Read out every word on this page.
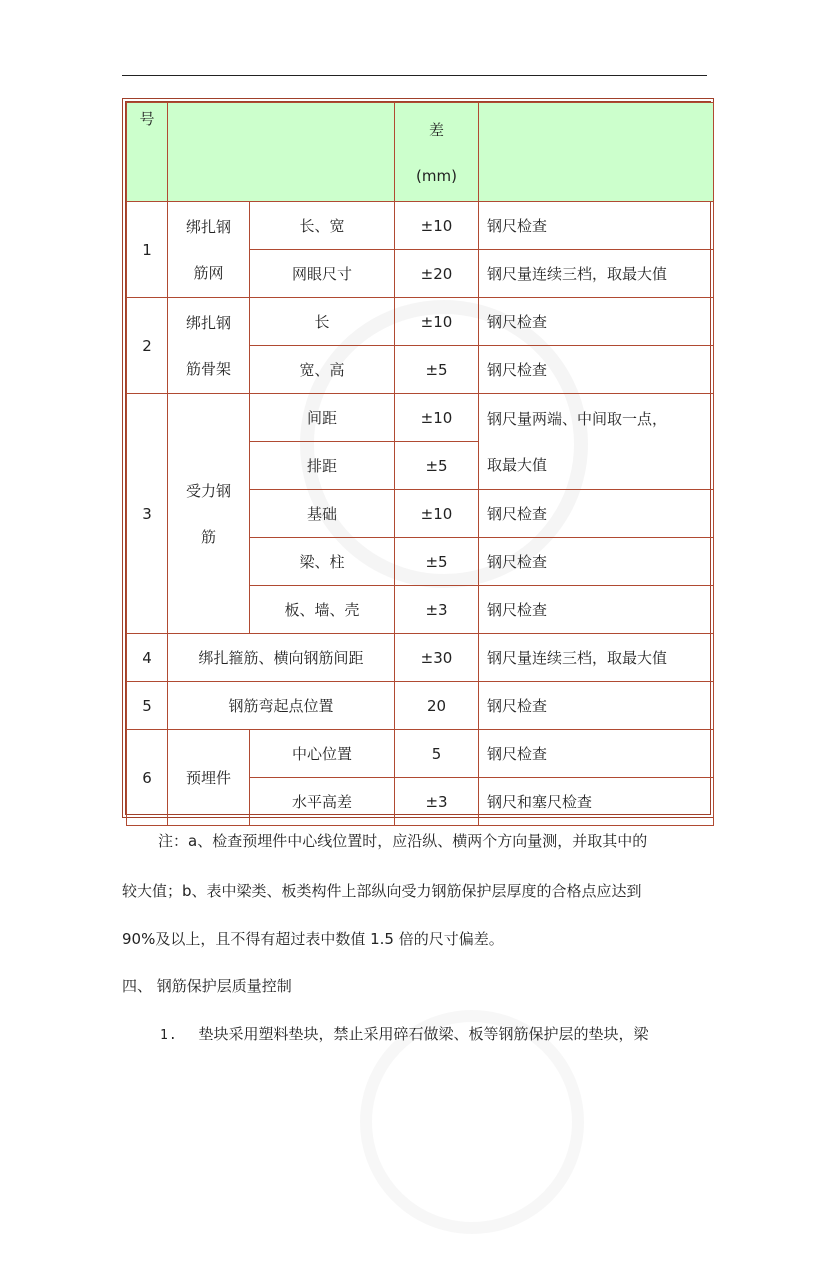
号			差
(mm)	

1	绑扎钢
筋网	长、宽	±10	钢尺检查
		网眼尺寸	±20	钢尺量连续三档，取最大值
2	绑扎钢
筋骨架	长	±10	钢尺检查
		宽、高	±5	钢尺检查
3	受力钢
筋	间距	±10	钢尺量两端、中间取一点，
取最大值
		排距	±5	
		基础	±10	钢尺检查
		梁、柱	±5	钢尺检查
		板、墙、壳	±3	钢尺检查
4	绑扎箍筋、横向钢筋间距		±30	钢尺量连续三档，取最大值
5	钢筋弯起点位置		20	钢尺检查
6	预埋件	中心位置	5	钢尺检查
		水平高差	±3	钢尺和塞尺检查
注：a、检查预埋件中心线位置时，应沿纵、横两个方向量测，并取其中的
较大值；b、表中梁类、板类构件上部纵向受力钢筋保护层厚度的合格点应达到
90%及以上，且不得有超过表中数值 1.5 倍的尺寸偏差。
四、 钢筋保护层质量控制
1. 垫块采用塑料垫块，禁止采用碎石做梁、板等钢筋保护层的垫块，梁
